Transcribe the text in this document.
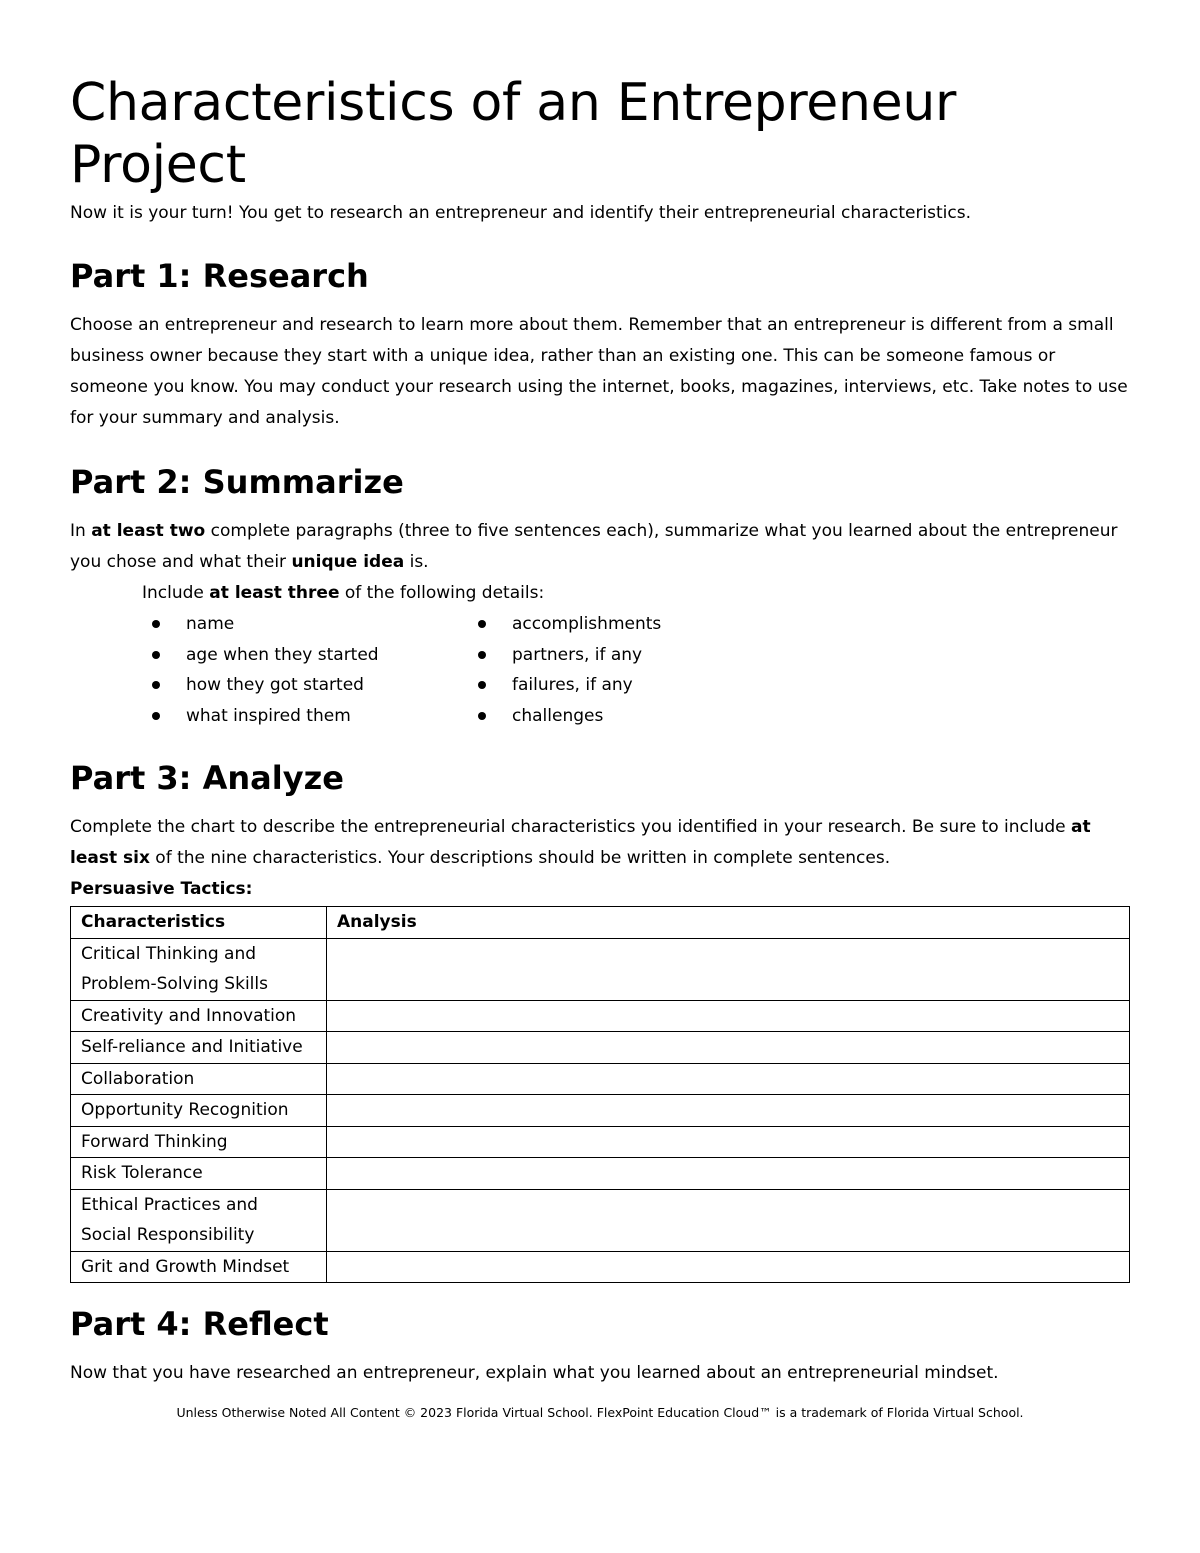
Characteristics of an Entrepreneur Project

Now it is your turn! You get to research an entrepreneur and identify their entrepreneurial characteristics.

Part 1: Research

Choose an entrepreneur and research to learn more about them. Remember that an entrepreneur is different from a small business owner because they start with a unique idea, rather than an existing one. This can be someone famous or someone you know. You may conduct your research using the internet, books, magazines, interviews, etc. Take notes to use for your summary and analysis.

Part 2: Summarize

In at least two complete paragraphs (three to five sentences each), summarize what you learned about the entrepreneur you chose and what their unique idea is.

Include at least three of the following details:

name
age when they started
how they got started
what inspired them
accomplishments
partners, if any
failures, if any
challenges
Part 3: Analyze

Complete the chart to describe the entrepreneurial characteristics you identified in your research. Be sure to include at least six of the nine characteristics. Your descriptions should be written in complete sentences.

Persuasive Tactics:

Characteristics	Analysis
Critical Thinking and
Problem-Solving Skills	
Creativity and Innovation	
Self-reliance and Initiative	
Collaboration	
Opportunity Recognition	
Forward Thinking	
Risk Tolerance	
Ethical Practices and
Social Responsibility	
Grit and Growth Mindset	
Part 4: Reflect

Now that you have researched an entrepreneur, explain what you learned about an entrepreneurial mindset.

Unless Otherwise Noted All Content © 2023 Florida Virtual School. FlexPoint Education Cloud™ is a trademark of Florida Virtual School.
